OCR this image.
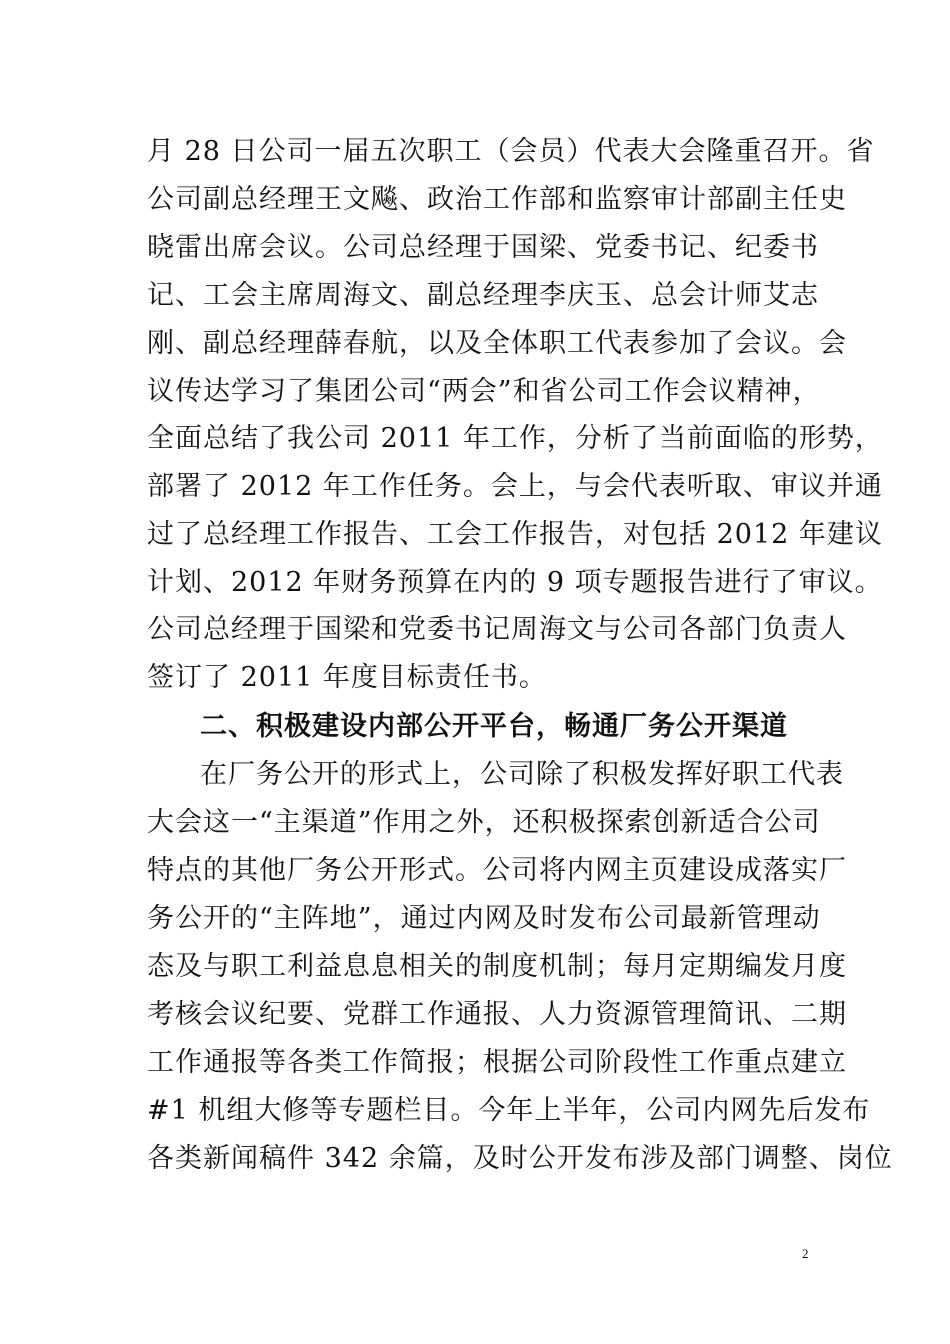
月 28 日公司一届五次职工（会员）代表大会隆重召开。省
公司副总经理王文飚、政治工作部和监察审计部副主任史
晓雷出席会议。公司总经理于国梁、党委书记、纪委书
记、工会主席周海文、副总经理李庆玉、总会计师艾志
刚、副总经理薛春航，以及全体职工代表参加了会议。会
议传达学习了集团公司“两会”和省公司工作会议精神，
全面总结了我公司 2011 年工作，分析了当前面临的形势，
部署了 2012 年工作任务。会上，与会代表听取、审议并通
过了总经理工作报告、工会工作报告，对包括 2012 年建议
计划、2012 年财务预算在内的 9 项专题报告进行了审议。
公司总经理于国梁和党委书记周海文与公司各部门负责人
签订了 2011 年度目标责任书。
二、积极建设内部公开平台，畅通厂务公开渠道
在厂务公开的形式上，公司除了积极发挥好职工代表
大会这一“主渠道”作用之外，还积极探索创新适合公司
特点的其他厂务公开形式。公司将内网主页建设成落实厂
务公开的“主阵地”，通过内网及时发布公司最新管理动
态及与职工利益息息相关的制度机制；每月定期编发月度
考核会议纪要、党群工作通报、人力资源管理简讯、二期
工作通报等各类工作简报；根据公司阶段性工作重点建立
#1 机组大修等专题栏目。今年上半年，公司内网先后发布
各类新闻稿件 342 余篇，及时公开发布涉及部门调整、岗位
2
